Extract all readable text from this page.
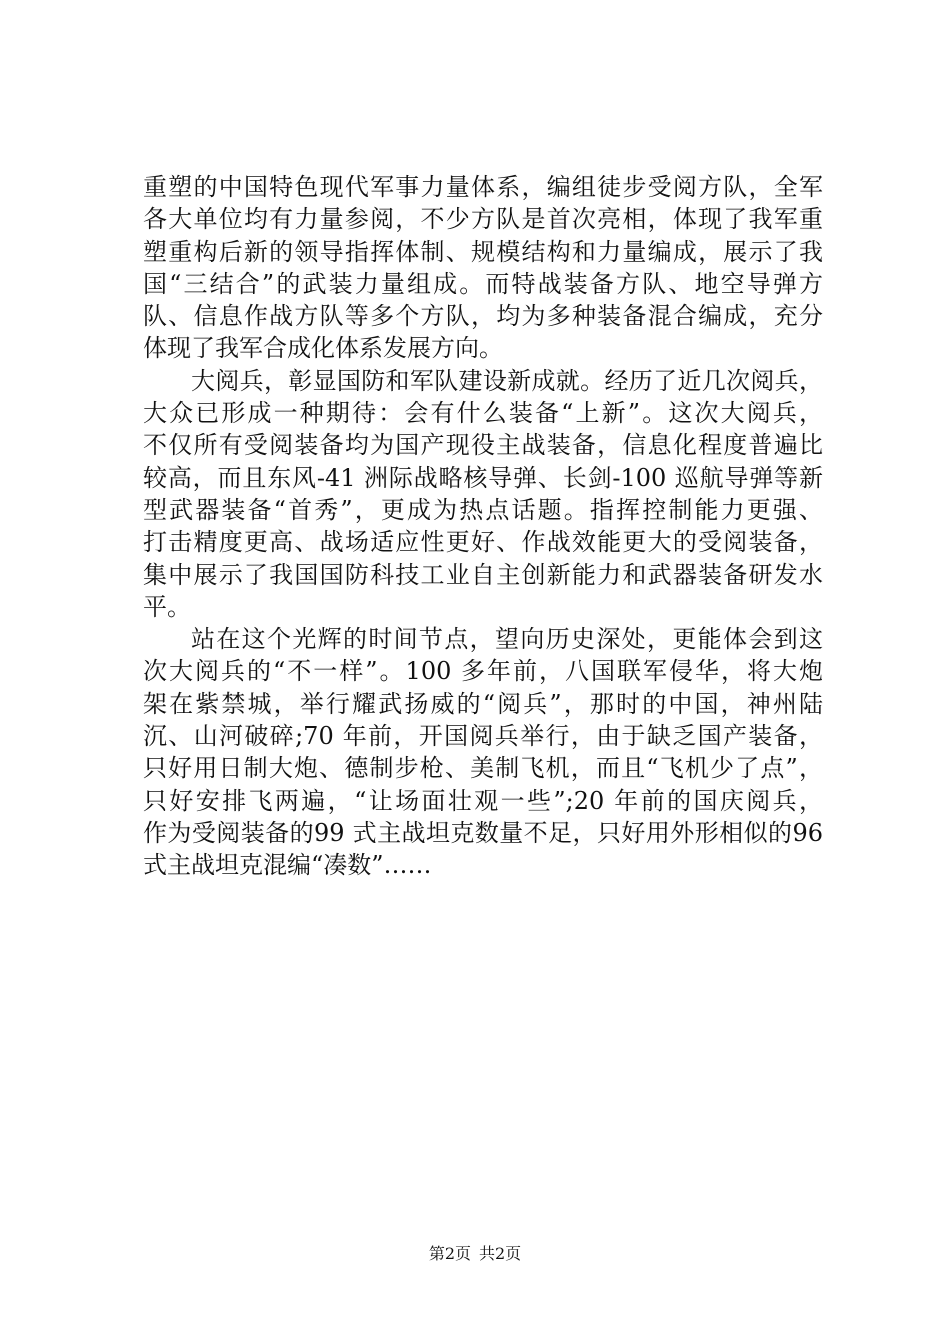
重塑的中国特色现代军事力量体系，编组徒步受阅方队，全军
各大单位均有力量参阅，不少方队是首次亮相，体现了我军重
塑重构后新的领导指挥体制、规模结构和力量编成，展示了我
国“三结合”的武装力量组成。而特战装备方队、地空导弹方
队、信息作战方队等多个方队，均为多种装备混合编成，充分
体现了我军合成化体系发展方向。
大阅兵，彰显国防和军队建设新成就。经历了近几次阅兵，
大众已形成一种期待：会有什么装备“上新”。这次大阅兵，
不仅所有受阅装备均为国产现役主战装备，信息化程度普遍比
较高，而且东风-41 洲际战略核导弹、长剑-100 巡航导弹等新
型武器装备“首秀”，更成为热点话题。指挥控制能力更强、
打击精度更高、战场适应性更好、作战效能更大的受阅装备，
集中展示了我国国防科技工业自主创新能力和武器装备研发水
平。
站在这个光辉的时间节点，望向历史深处，更能体会到这
次大阅兵的“不一样”。100 多年前，八国联军侵华，将大炮
架在紫禁城，举行耀武扬威的“阅兵”，那时的中国，神州陆
沉、山河破碎;70 年前，开国阅兵举行，由于缺乏国产装备，
只好用日制大炮、德制步枪、美制飞机，而且“飞机少了点”，
只好安排飞两遍，“让场面壮观一些”;20 年前的国庆阅兵，
作为受阅装备的99 式主战坦克数量不足，只好用外形相似的96
式主战坦克混编“凑数”……
第2页 共2页
